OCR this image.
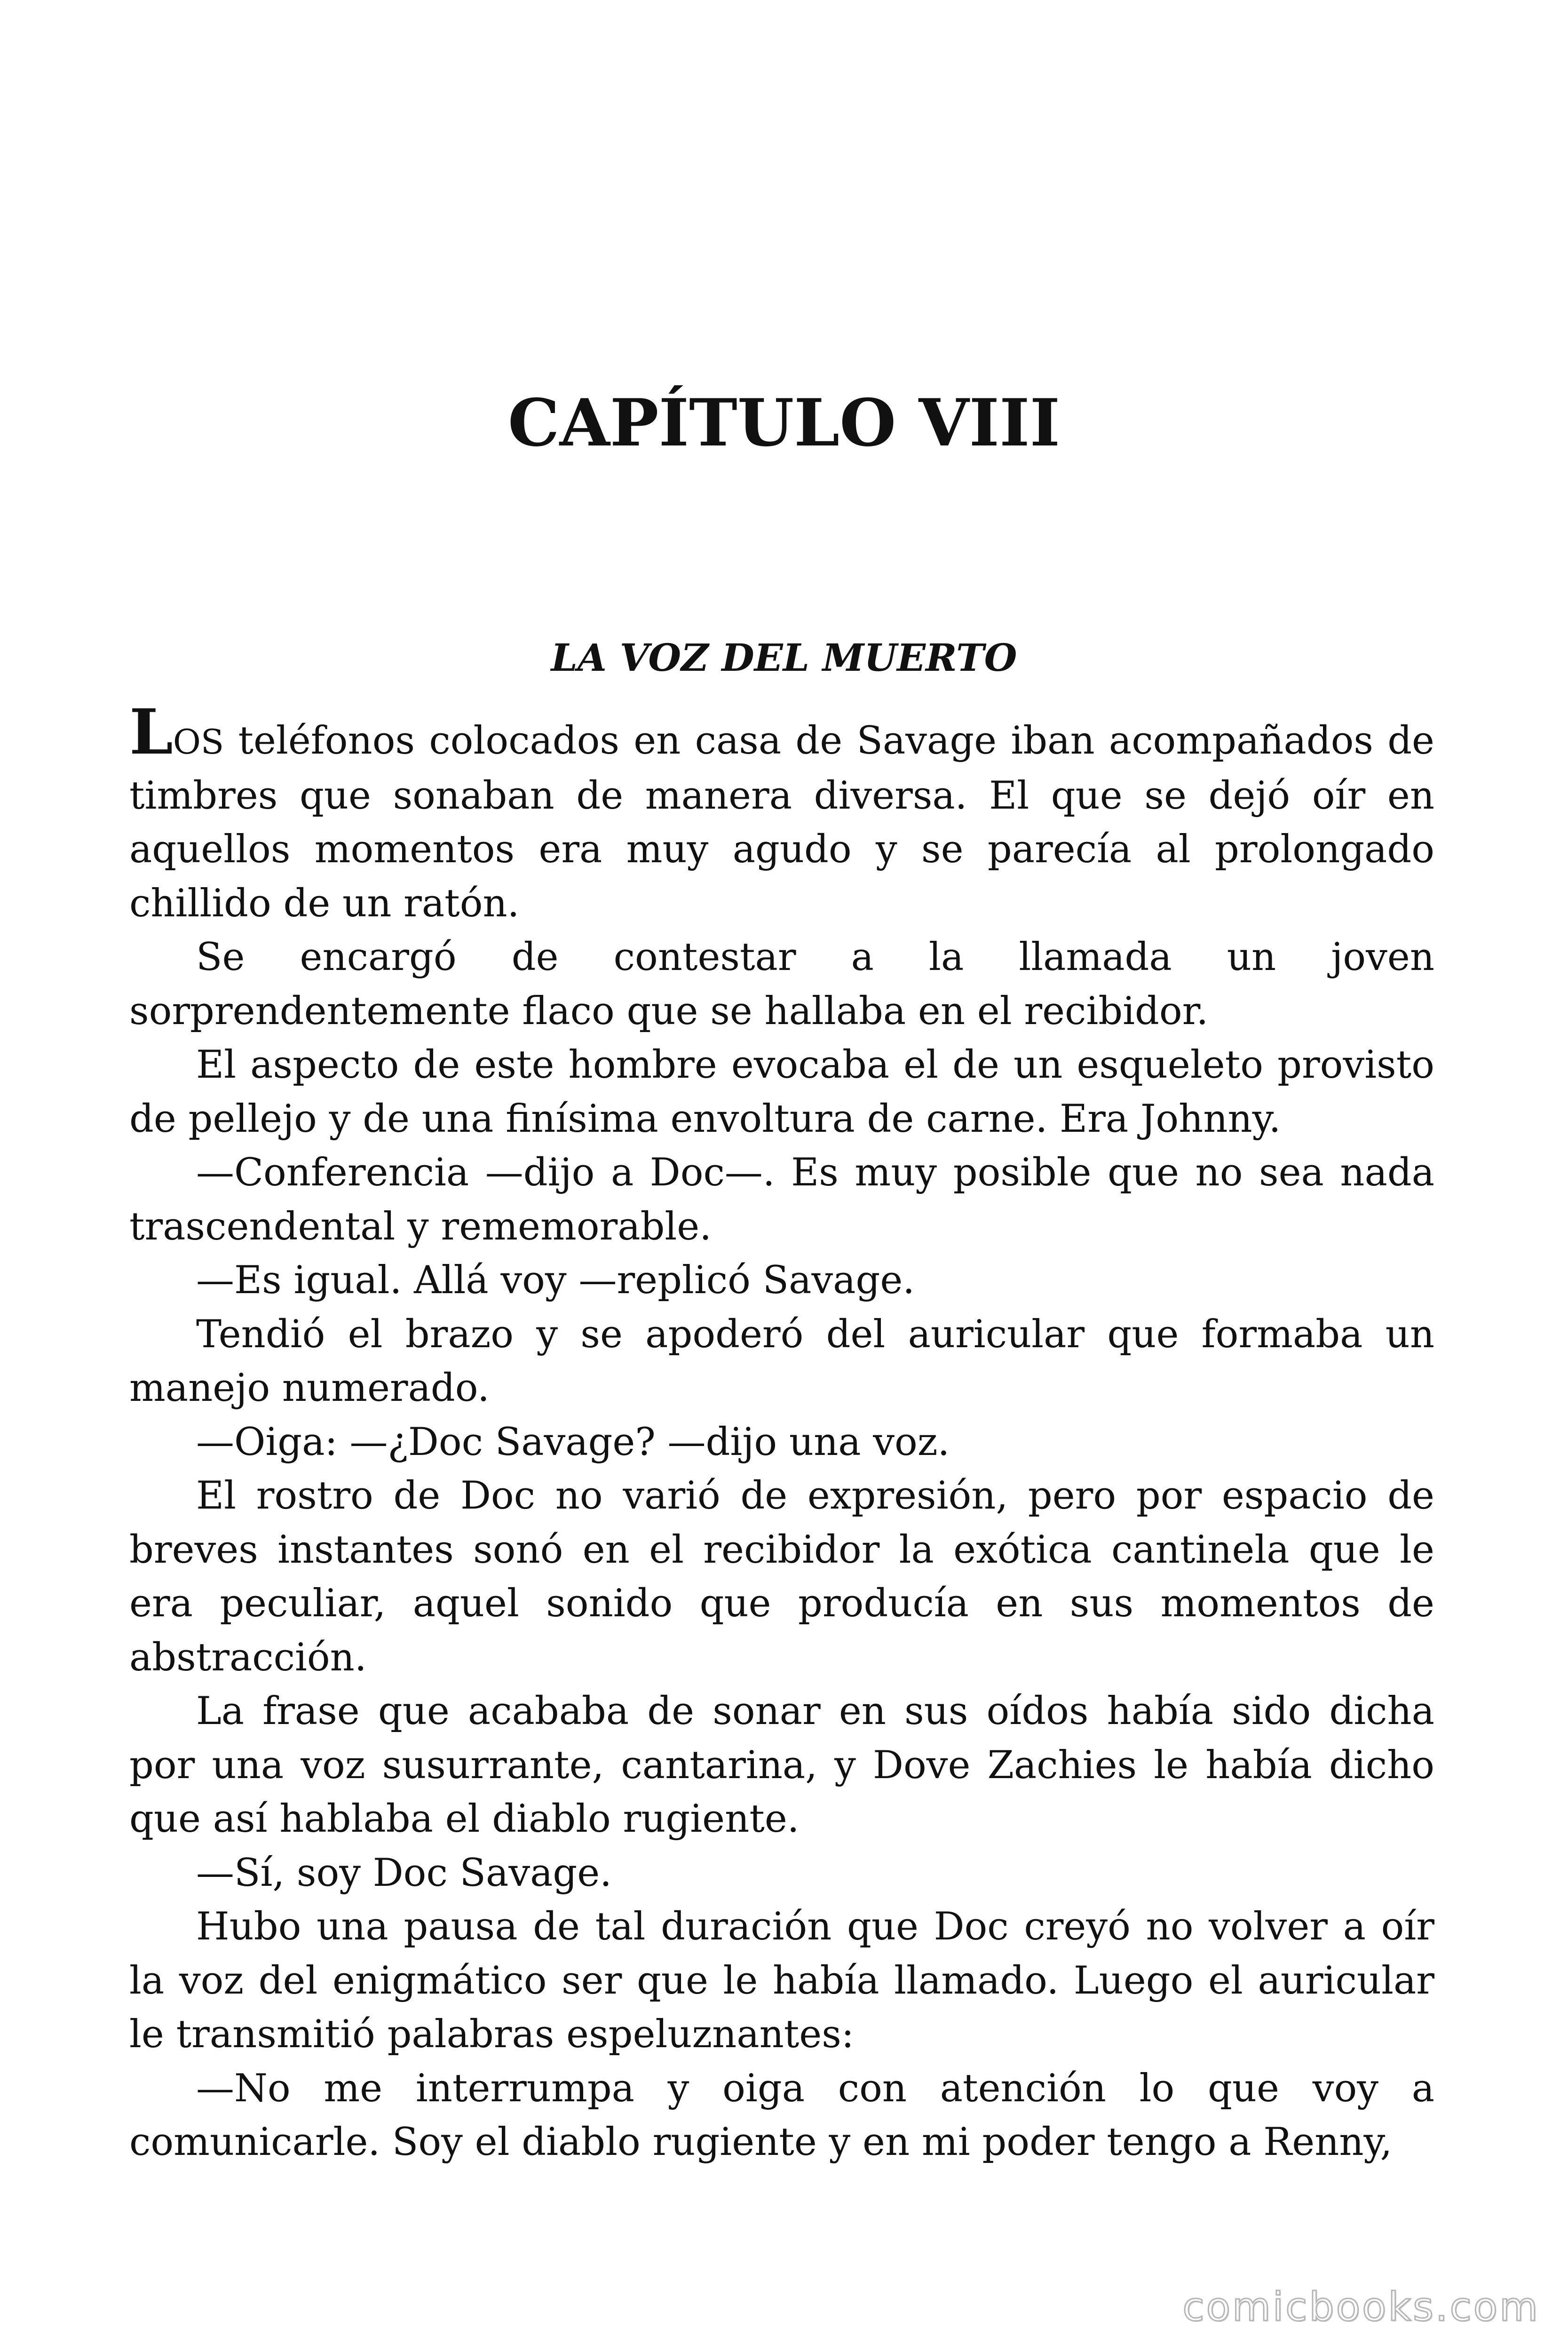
CAPÍTULO VIII
LA VOZ DEL MUERTO

LOS teléfonos colocados en casa de Savage iban acompañados de timbres que sonaban de manera diversa. El que se dejó oír en aquellos momentos era muy agudo y se parecía al prolongado chillido de un ratón.

Se encargó de contestar a la llamada un joven sorprendentemente flaco que se hallaba en el recibidor.

El aspecto de este hombre evocaba el de un esqueleto provisto de pellejo y de una finísima envoltura de carne. Era Johnny.

—Conferencia —dijo a Doc—. Es muy posible que no sea nada trascendental y rememorable.

—Es igual. Allá voy —replicó Savage.

Tendió el brazo y se apoderó del auricular que formaba un manejo numerado.

—Oiga: —¿Doc Savage? —dijo una voz.

El rostro de Doc no varió de expresión, pero por espacio de breves instantes sonó en el recibidor la exótica cantinela que le era peculiar, aquel sonido que producía en sus momentos de abstracción.

La frase que acababa de sonar en sus oídos había sido dicha por una voz susurrante, cantarina, y Dove Zachies le había dicho que así hablaba el diablo rugiente.

—Sí, soy Doc Savage.

Hubo una pausa de tal duración que Doc creyó no volver a oír la voz del enigmático ser que le había llamado. Luego el auricular le transmitió palabras espeluznantes:

—No me interrumpa y oiga con atención lo que voy a comunicarle. Soy el diablo rugiente y en mi poder tengo a Renny,

comicbooks.com
